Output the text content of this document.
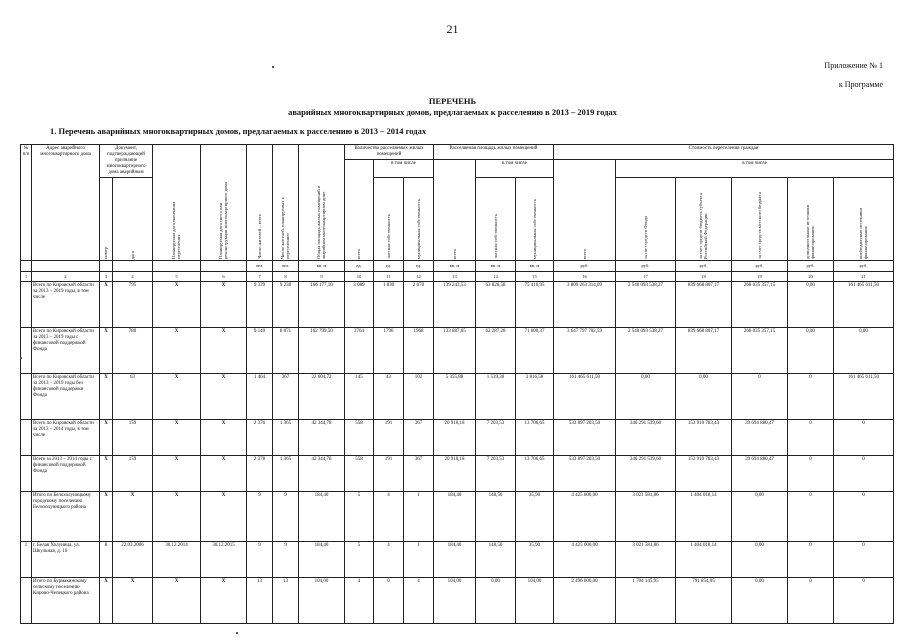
21
Приложение № 1
к Программе
ПЕРЕЧЕНЬ
аварийных многоквартирных домов, предлагаемых к расселению в 2013 – 2019 годах
1. Перечень аварийных многоквартирных домов, предлагаемых к расселению в 2013 – 2014 годах
№ п/п	Адрес аварийного многоквартирного дома	Документ, подтверждающий признание многоквартирного дома аварийным		Планируемая дата окончания переселения	Планируемая дата сноса или реконструкции многоквартирного дома	Число жителей – всего	Число жителей, планируемых к переселению	Общая площадь жилых помещений в аварийном многоквартирном доме	Количество расселяемых жилых помещений			Расселяемая площадь жилых помещений			Стоимость переселения граждан					

									всего	в том числе		всего	в том числе		всего	в том числе				

		номер	дата							частная собственность	муниципальная собственность		частная собственность	муниципальная собственность		за счет средств Фонда	за счет средств бюджета субъекта Российской Федерации	за счет средств местного бюджета	дополнительные источники финансирования	внебюджетные источники финансирования

						чел.	чел.	кв. м	ед.	ед.	ед.	кв. м	кв. м	кв. м	руб.	руб.	руб.	руб.	руб.	руб.
1	2	3	4	5	6	7	8	9	10	11	12	13	14	15	16	17	18	19	20	21
	Всего по Кировской области за 2013 – 2019 годы, в том числе	X	795	X	X	9 339	9 238	166 177,10	3 089	1 830	2 070	139 243,53	63 826,58	75 416,95	3 809 263 314,09	2 540 093 538,27	839 668 807,17	268 035 357,15	0,00	161 465 611,50
	Всего по Кировской области за 2013 – 2019 годы с финансовой поддержкой Фонда	X	780	X	X	9 140	8 871	162 799,50	3764	1796	1968	133 887,65	62 287,28	71 600,37	3 647 797 702,59	2 540 093 538,27	839 668 807,17	268 035 357,15	0,00	0,00
	Всего по Кировской области за 2013 – 2019 годы без финансовой поддержки Фонда	X	63	X	X	1 464	367	22 604,72	145	43	102	5 355,88	1 539,30	3 816,58	161 465 611,50	0,00	0,00	0	0	161 465 611,50
	Всего по Кировской области за 2013 – 2014 годы, в том числе	X	159	X	X	2 376	1 365	42 344,78	558	191	367	20 910,18	7 203,53	13 706,65	533 897 203,50	340 291 539,60	153 910 783,43	39 694 880,47	0	0
	Всего за 2013 – 2014 годы с финансовой поддержкой Фонда	X	159	X	X	2 378	1 365	42 344,78	558	191	367	20 910,18	7 203,53	13 706,65	533 897 203,50	340 291 539,60	153 910 783,43	39 694 880,47	0	0
	Итого по Белохолуницкому городскому поселению Белохолуницкого района	X	X	X	X	9	9	184,40	5	4	1	184,40	148,50	35,90	4 425 600,00	3 021 581,86	1 404 018,14	0,00	0	0
1	г. Белая Холуница, ул. Шкульная, д. 16	8	22.03.2006	30.12.2014	30.12.2015	9	9	184,40	5	4	1	184,40	148,50	35,90	4 425 600,00	3 021 581,86	1 404 018,14	0,00	0	0
	Итого по Бурмакинскому сельскому поселению Кирово-Чепецкого района	X	X	X	X	13	13	104,00	4	0	4	104,00	0,00	104,00	2 496 000,00	1 704 145,95	791 854,05	0,00	0	0
